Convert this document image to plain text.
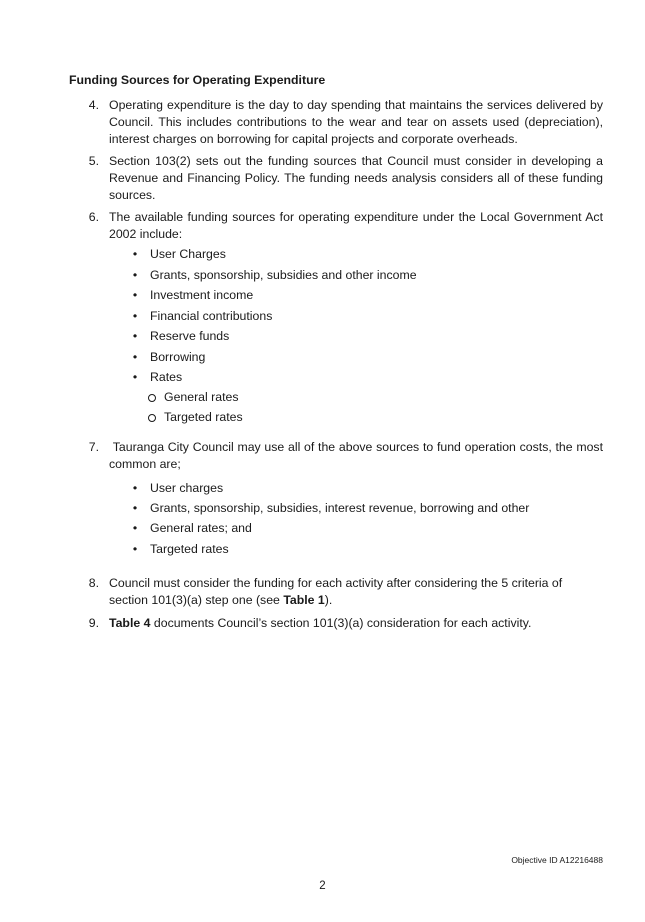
Funding Sources for Operating Expenditure
4. Operating expenditure is the day to day spending that maintains the services delivered by Council. This includes contributions to the wear and tear on assets used (depreciation), interest charges on borrowing for capital projects and corporate overheads.

5. Section 103(2) sets out the funding sources that Council must consider in developing a Revenue and Financing Policy. The funding needs analysis considers all of these funding sources.

6. The available funding sources for operating expenditure under the Local Government Act 2002 include:

• User Charges
• Grants, sponsorship, subsidies and other income
• Investment income
• Financial contributions
• Reserve funds
• Borrowing
• Rates
General rates
Targeted rates
7. Tauranga City Council may use all of the above sources to fund operation costs, the most common are;

• User charges
• Grants, sponsorship, subsidies, interest revenue, borrowing and other
• General rates; and
• Targeted rates
8. Council must consider the funding for each activity after considering the 5 criteria of section 101(3)(a) step one (see Table 1).

9. Table 4 documents Council’s section 101(3)(a) consideration for each activity.

Objective ID A12216488
2
